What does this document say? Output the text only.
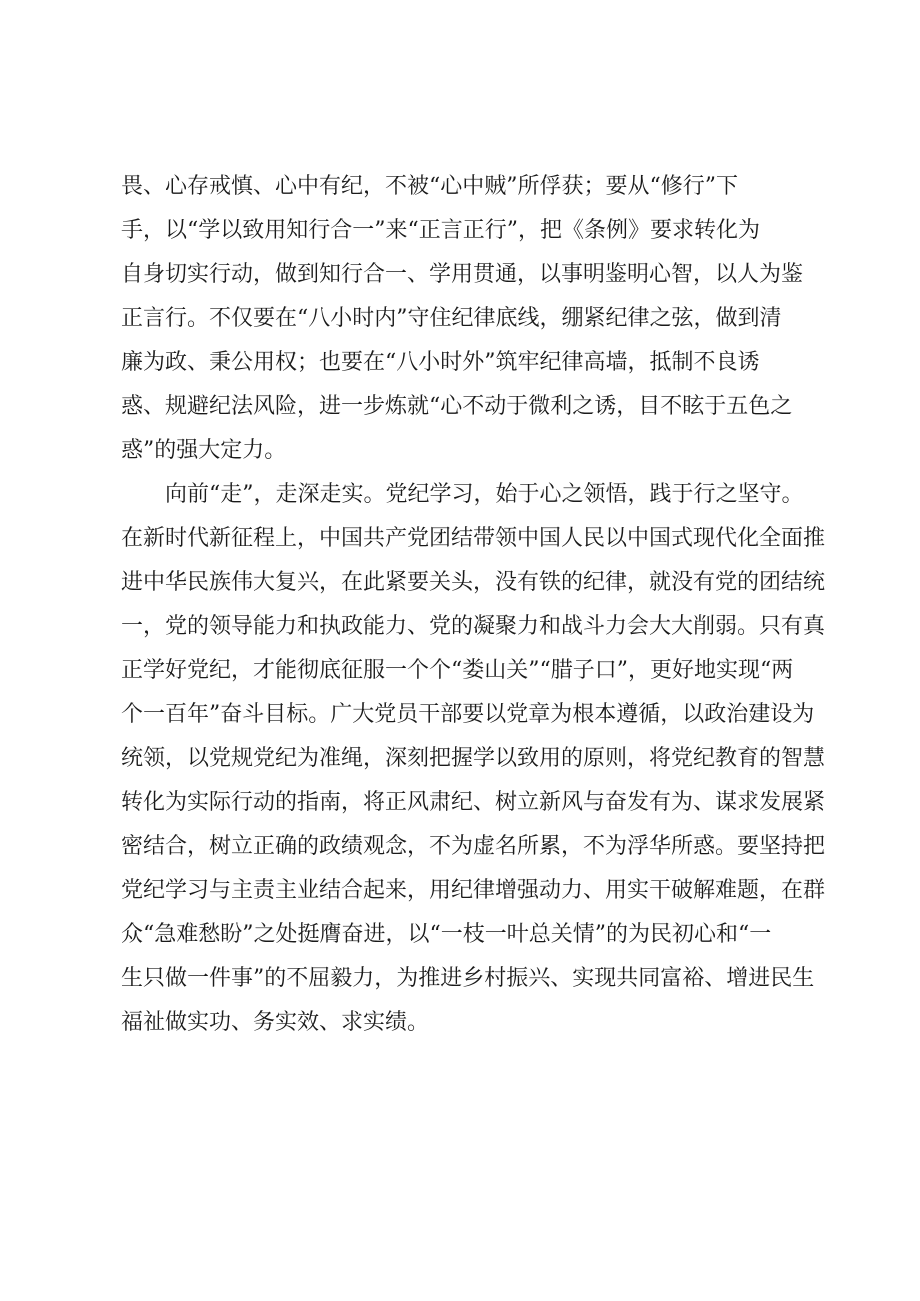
畏、心存戒慎、心中有纪，不被“心中贼”所俘获；要从“修行”下
手，以“学以致用知行合一”来“正言正行”，把《条例》要求转化为
自身切实行动，做到知行合一、学用贯通，以事明鉴明心智，以人为鉴
正言行。不仅要在“八小时内”守住纪律底线，绷紧纪律之弦，做到清
廉为政、秉公用权；也要在“八小时外”筑牢纪律高墙，抵制不良诱
惑、规避纪法风险，进一步炼就“心不动于微利之诱，目不眩于五色之
惑”的强大定力。
向前“走”，走深走实。党纪学习，始于心之领悟，践于行之坚守。
在新时代新征程上，中国共产党团结带领中国人民以中国式现代化全面推
进中华民族伟大复兴，在此紧要关头，没有铁的纪律，就没有党的团结统
一，党的领导能力和执政能力、党的凝聚力和战斗力会大大削弱。只有真
正学好党纪，才能彻底征服一个个“娄山关”“腊子口”，更好地实现“两
个一百年”奋斗目标。广大党员干部要以党章为根本遵循，以政治建设为
统领，以党规党纪为准绳，深刻把握学以致用的原则，将党纪教育的智慧
转化为实际行动的指南，将正风肃纪、树立新风与奋发有为、谋求发展紧
密结合，树立正确的政绩观念，不为虚名所累，不为浮华所惑。要坚持把
党纪学习与主责主业结合起来，用纪律增强动力、用实干破解难题，在群
众“急难愁盼”之处挺膺奋进，以“一枝一叶总关情”的为民初心和“一
生只做一件事”的不屈毅力，为推进乡村振兴、实现共同富裕、增进民生
福祉做实功、务实效、求实绩。
